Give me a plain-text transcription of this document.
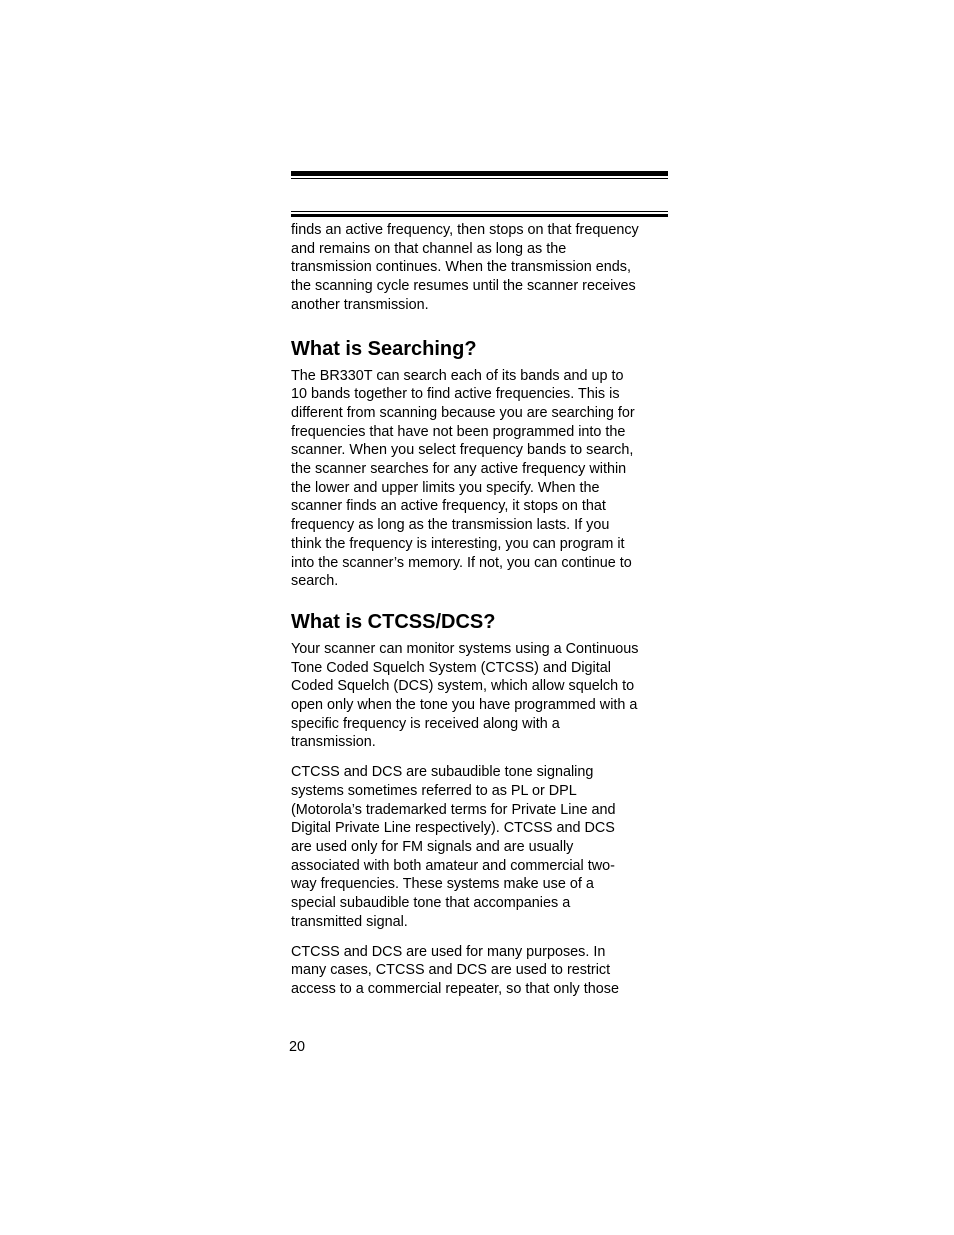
finds an active frequency, then stops on that frequency
and remains on that channel as long as the
transmission continues. When the transmission ends,
the scanning cycle resumes until the scanner receives
another transmission.

What is Searching?

The BR330T can search each of its bands and up to
10 bands together to find active frequencies. This is
different from scanning because you are searching for
frequencies that have not been programmed into the
scanner. When you select frequency bands to search,
the scanner searches for any active frequency within
the lower and upper limits you specify. When the
scanner finds an active frequency, it stops on that
frequency as long as the transmission lasts. If you
think the frequency is interesting, you can program it
into the scanner’s memory. If not, you can continue to
search.

What is CTCSS/DCS?

Your scanner can monitor systems using a Continuous
Tone Coded Squelch System (CTCSS) and Digital
Coded Squelch (DCS) system, which allow squelch to
open only when the tone you have programmed with a
specific frequency is received along with a
transmission.

CTCSS and DCS are subaudible tone signaling
systems sometimes referred to as PL or DPL
(Motorola’s trademarked terms for Private Line and
Digital Private Line respectively). CTCSS and DCS
are used only for FM signals and are usually
associated with both amateur and commercial two-
way frequencies. These systems make use of a
special subaudible tone that accompanies a
transmitted signal.

CTCSS and DCS are used for many purposes. In
many cases, CTCSS and DCS are used to restrict
access to a commercial repeater, so that only those

20
